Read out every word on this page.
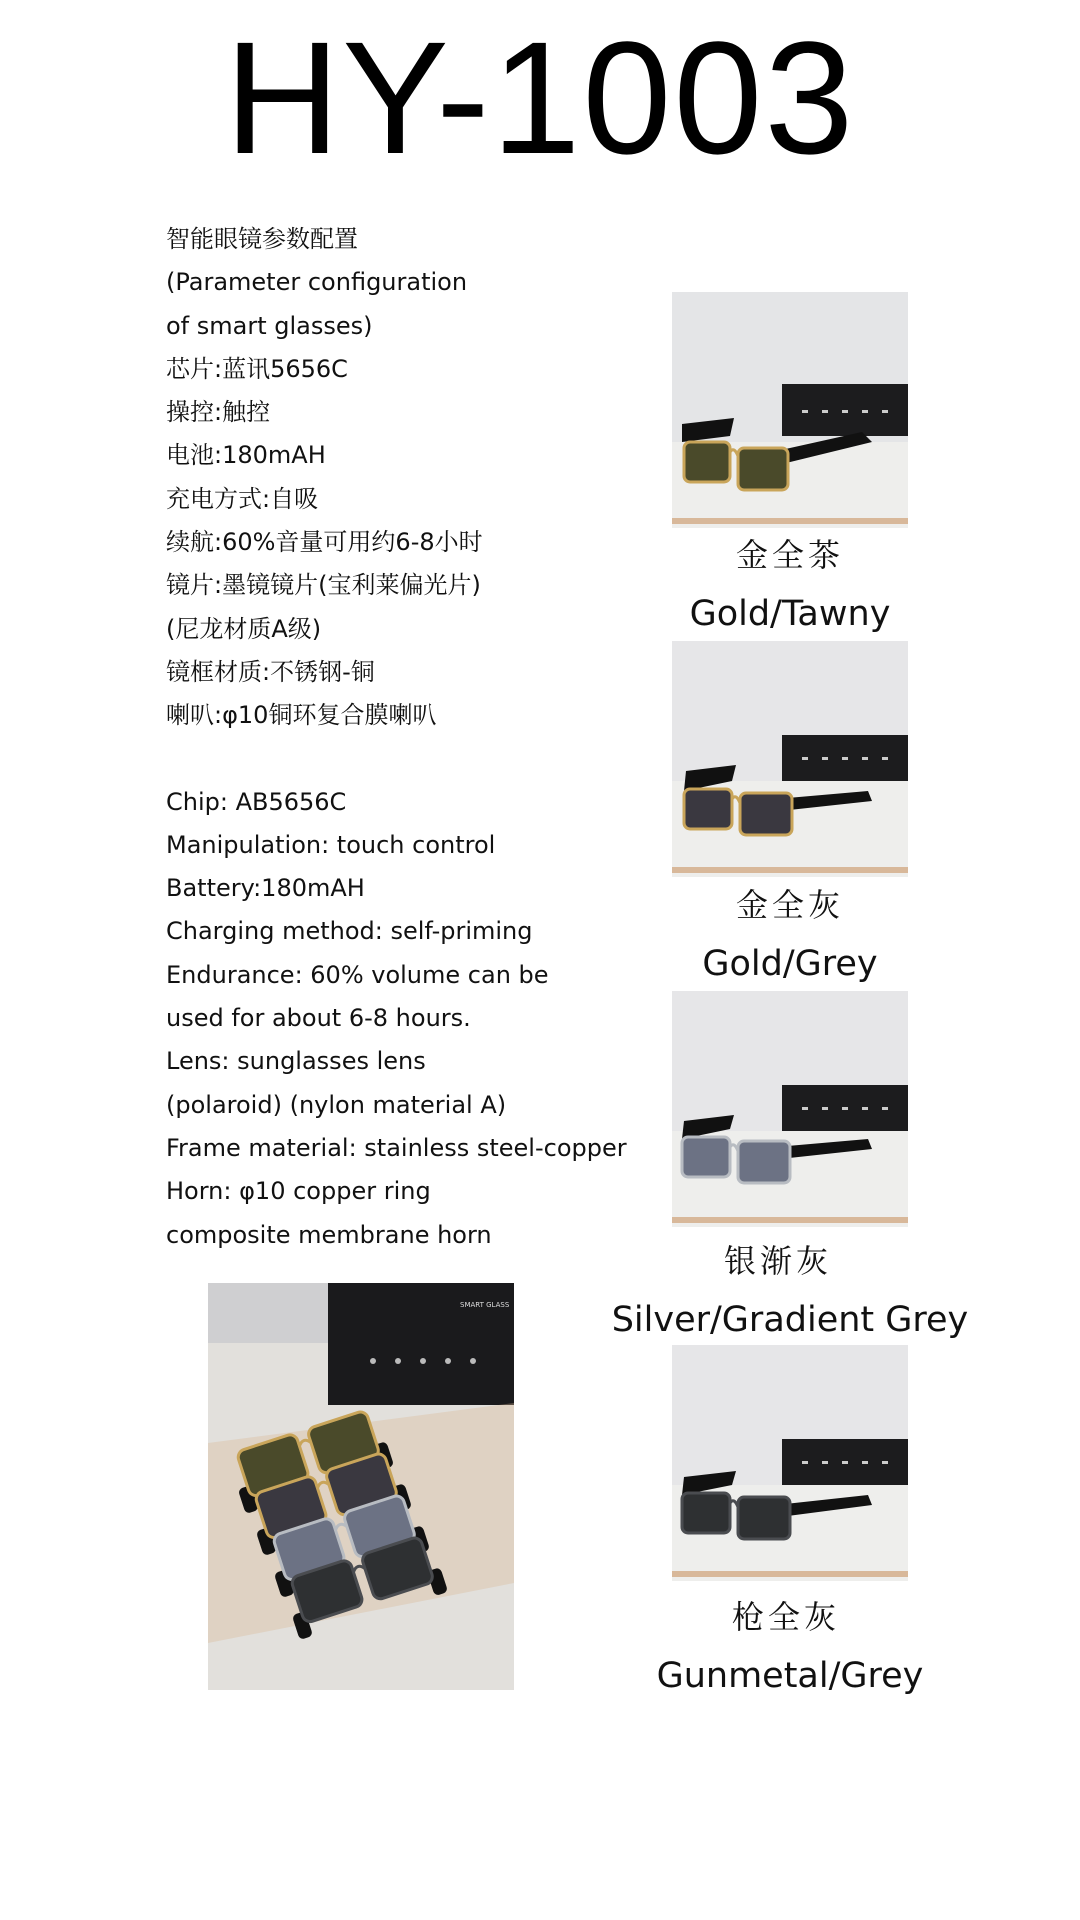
HY-1003
智能眼镜参数配置
(Parameter configuration
of smart glasses)
芯片:蓝讯5656C
操控:触控
电池:180mAH
充电方式:自吸
续航:60%音量可用约6-8小时
镜片:墨镜镜片(宝利莱偏光片)
(尼龙材质A级)
镜框材质:不锈钢-铜
喇叭:φ10铜环复合膜喇叭
Chip: AB5656C
Manipulation: touch control
Battery:180mAH
Charging method: self-priming
Endurance: 60% volume can be
used for about 6-8 hours.
Lens: sunglasses lens
(polaroid) (nylon material A)
Frame material: stainless steel-copper
Horn: φ10 copper ring
composite membrane horn
金全茶
Gold/Tawny
金全灰
Gold/Grey
银渐灰
Silver/Gradient Grey
枪全灰
Gunmetal/Grey
SMART GLASS
